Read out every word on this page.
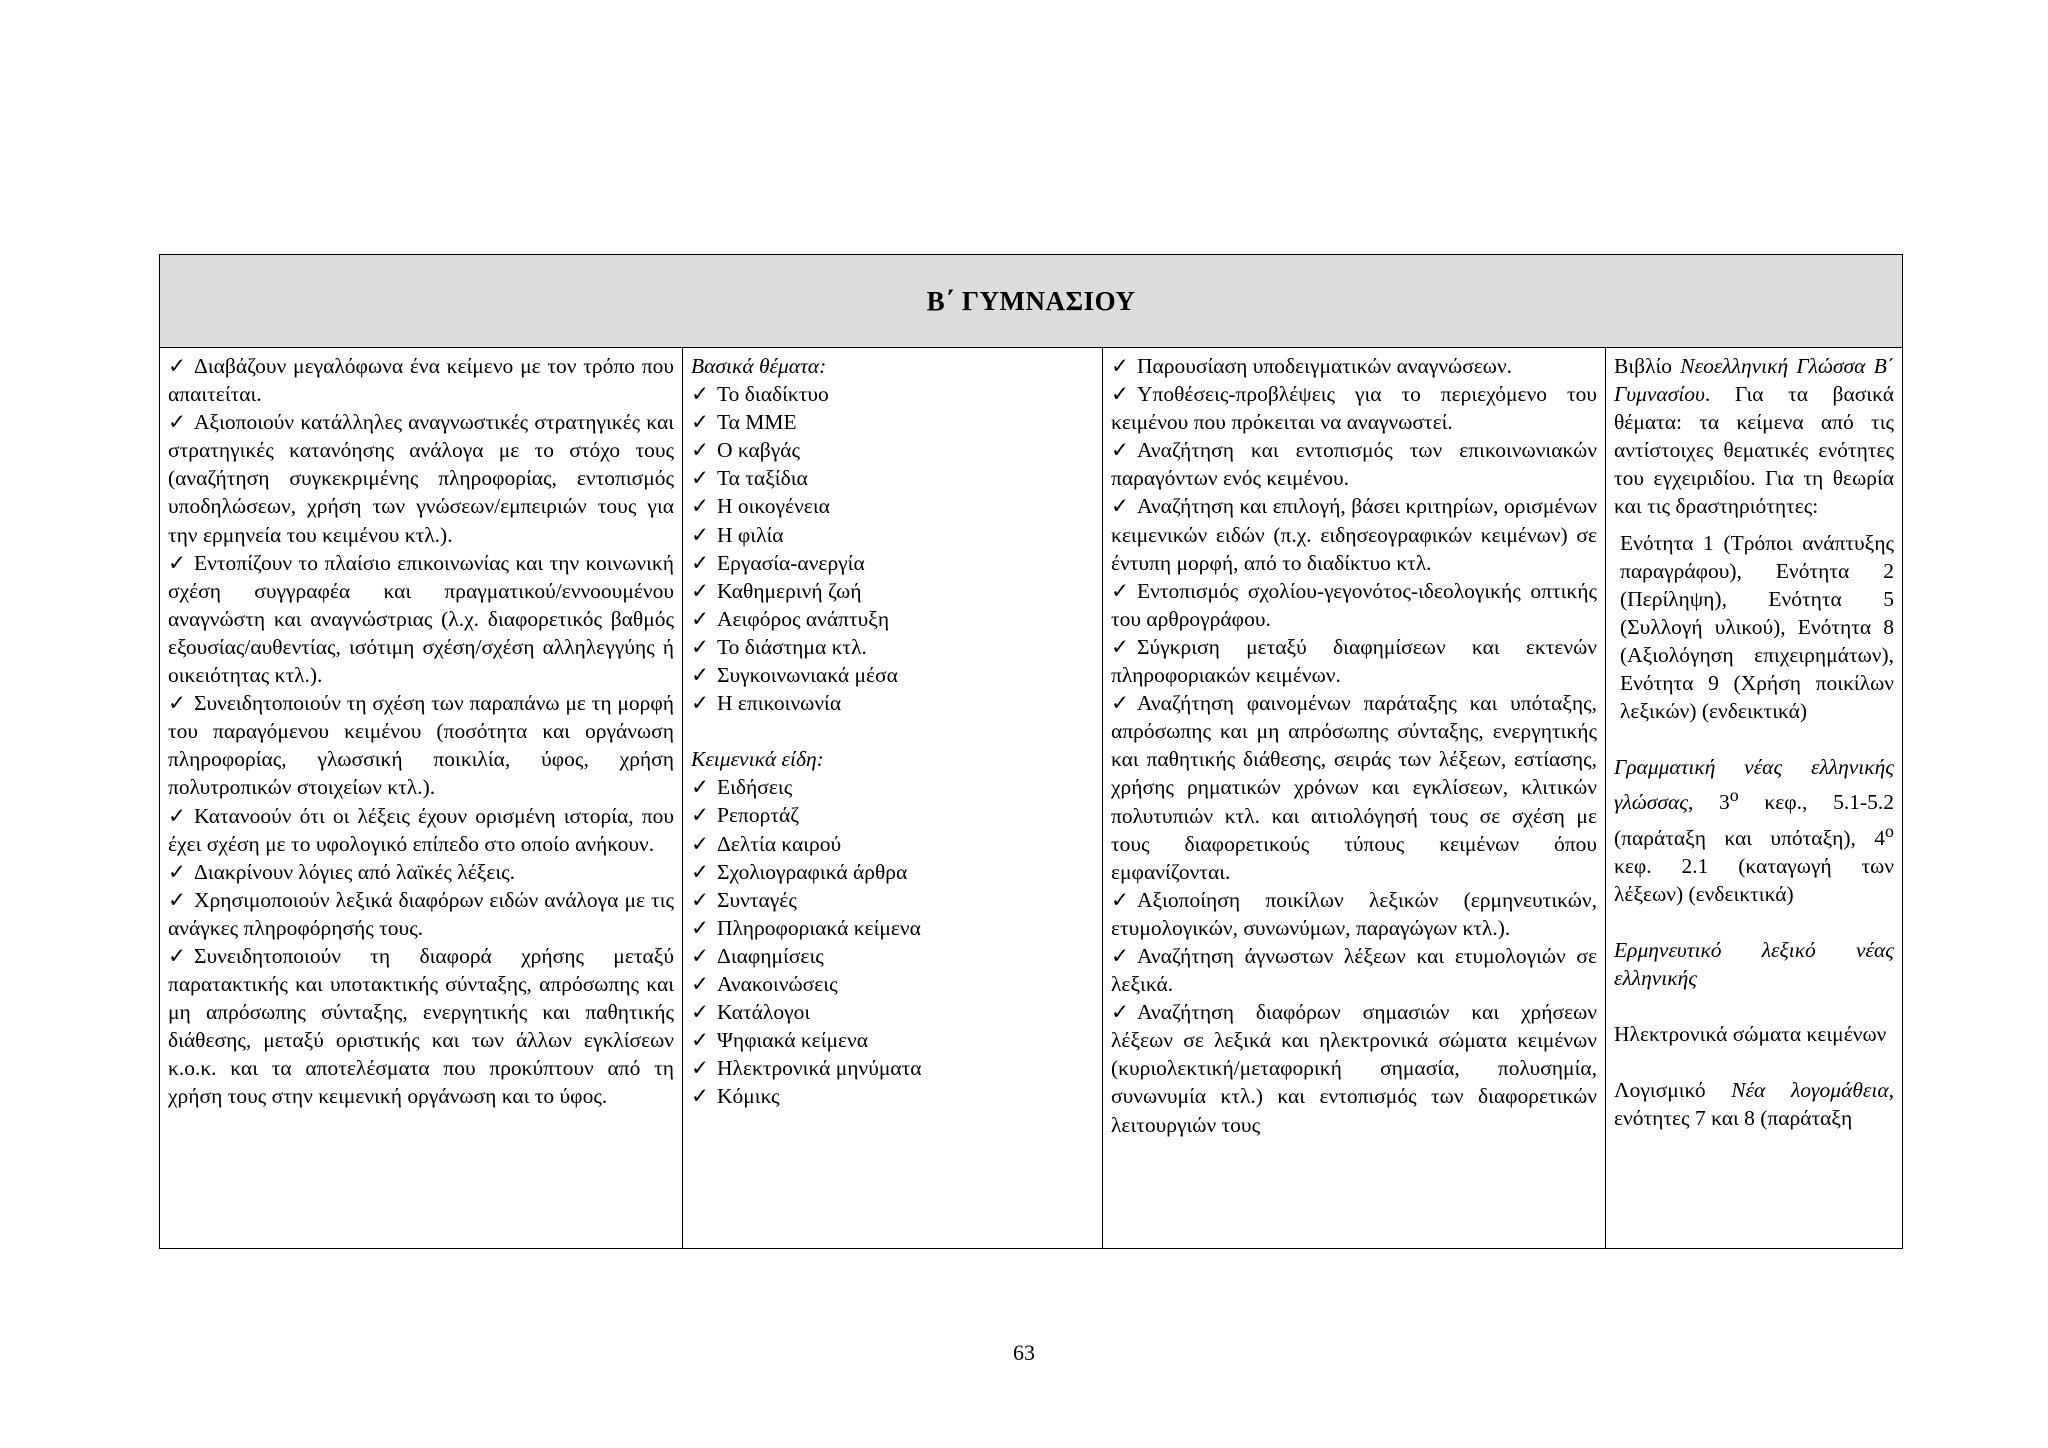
Β΄ ΓΥΜΝΑΣΙΟΥ

✓ Διαβάζουν μεγαλόφωνα ένα κείμενο με τον τρόπο που απαιτείται.

✓ Αξιοποιούν κατάλληλες αναγνωστικές στρατηγικές και στρατηγικές κατανόησης ανάλογα με το στόχο τους (αναζήτηση συγκεκριμένης πληροφορίας, εντοπισμός υποδηλώσεων, χρήση των γνώσεων/εμπειριών τους για την ερμηνεία του κειμένου κτλ.).

✓ Εντοπίζουν το πλαίσιο επικοινωνίας και την κοινωνική σχέση συγγραφέα και πραγματικού/εννοουμένου αναγνώστη και αναγνώστριας (λ.χ. διαφορετικός βαθμός εξουσίας/αυθεντίας, ισότιμη σχέση/σχέση αλληλεγγύης ή οικειότητας κτλ.).

✓ Συνειδητοποιούν τη σχέση των παραπάνω με τη μορφή του παραγόμενου κειμένου (ποσότητα και οργάνωση πληροφορίας, γλωσσική ποικιλία, ύφος, χρήση πολυτροπικών στοιχείων κτλ.).

✓ Κατανοούν ότι οι λέξεις έχουν ορισμένη ιστορία, που έχει σχέση με το υφολογικό επίπεδο στο οποίο ανήκουν.

✓ Διακρίνουν λόγιες από λαϊκές λέξεις.

✓ Χρησιμοποιούν λεξικά διαφόρων ειδών ανάλογα με τις ανάγκες πληροφόρησής τους.

✓ Συνειδητοποιούν τη διαφορά χρήσης μεταξύ παρατακτικής και υποτακτικής σύνταξης, απρόσωπης και μη απρόσωπης σύνταξης, ενεργητικής και παθητικής διάθεσης, μεταξύ οριστικής και των άλλων εγκλίσεων κ.ο.κ. και τα αποτελέσματα που προκύπτουν από τη χρήση τους στην κειμενική οργάνωση και το ύφος.

Βασικά θέματα:

✓ Το διαδίκτυο

✓ Τα ΜΜΕ

✓ Ο καβγάς

✓ Τα ταξίδια

✓ Η οικογένεια

✓ Η φιλία

✓ Εργασία-ανεργία

✓ Καθημερινή ζωή

✓ Αειφόρος ανάπτυξη

✓ Το διάστημα κτλ.

✓ Συγκοινωνιακά μέσα

✓ Η επικοινωνία

Κειμενικά είδη:

✓ Ειδήσεις

✓ Ρεπορτάζ

✓ Δελτία καιρού

✓ Σχολιογραφικά άρθρα

✓ Συνταγές

✓ Πληροφοριακά κείμενα

✓ Διαφημίσεις

✓ Ανακοινώσεις

✓ Κατάλογοι

✓ Ψηφιακά κείμενα

✓ Ηλεκτρονικά μηνύματα

✓ Κόμικς

✓ Παρουσίαση υποδειγματικών αναγνώσεων.

✓ Υποθέσεις-προβλέψεις για το περιεχόμενο του κειμένου που πρόκειται να αναγνωστεί.

✓ Αναζήτηση και εντοπισμός των επικοινωνιακών παραγόντων ενός κειμένου.

✓ Αναζήτηση και επιλογή, βάσει κριτηρίων, ορισμένων κειμενικών ειδών (π.χ. ειδησεογραφικών κειμένων) σε έντυπη μορφή, από το διαδίκτυο κτλ.

✓ Εντοπισμός σχολίου-γεγονότος-ιδεολογικής οπτικής του αρθρογράφου.

✓ Σύγκριση μεταξύ διαφημίσεων και εκτενών πληροφοριακών κειμένων.

✓ Αναζήτηση φαινομένων παράταξης και υπόταξης, απρόσωπης και μη απρόσωπης σύνταξης, ενεργητικής και παθητικής διάθεσης, σειράς των λέξεων, εστίασης, χρήσης ρηματικών χρόνων και εγκλίσεων, κλιτικών πολυτυπιών κτλ. και αιτιολόγησή τους σε σχέση με τους διαφορετικούς τύπους κειμένων όπου εμφανίζονται.

✓ Αξιοποίηση ποικίλων λεξικών (ερμηνευτικών, ετυμολογικών, συνωνύμων, παραγώγων κτλ.).

✓ Αναζήτηση άγνωστων λέξεων και ετυμολογιών σε λεξικά.

✓ Αναζήτηση διαφόρων σημασιών και χρήσεων λέξεων σε λεξικά και ηλεκτρονικά σώματα κειμένων (κυριολεκτική/μεταφορική σημασία, πολυσημία, συνωνυμία κτλ.) και εντοπισμός των διαφορετικών λειτουργιών τους

Βιβλίο Νεοελληνική Γλώσσα Β΄ Γυμνασίου. Για τα βασικά θέματα: τα κείμενα από τις αντίστοιχες θεματικές ενότητες του εγχειριδίου. Για τη θεωρία και τις δραστηριότητες:

Ενότητα 1 (Τρόποι ανάπτυξης παραγράφου), Ενότητα 2 (Περίληψη), Ενότητα 5 (Συλλογή υλικού), Ενότητα 8 (Αξιολόγηση επιχειρημάτων), Ενότητα 9 (Χρήση ποικίλων λεξικών) (ενδεικτικά)

Γραμματική νέας ελληνικής γλώσσας, $3^o$ κεφ., 5.1-5.2 (παράταξη και υπόταξη), $4^o$ κεφ. 2.1 (καταγωγή των λέξεων) (ενδεικτικά)

Ερμηνευτικό λεξικό νέας ελληνικής

Ηλεκτρονικά σώματα κειμένων

Λογισμικό Νέα λογομάθεια, ενότητες 7 και 8 (παράταξη

63
